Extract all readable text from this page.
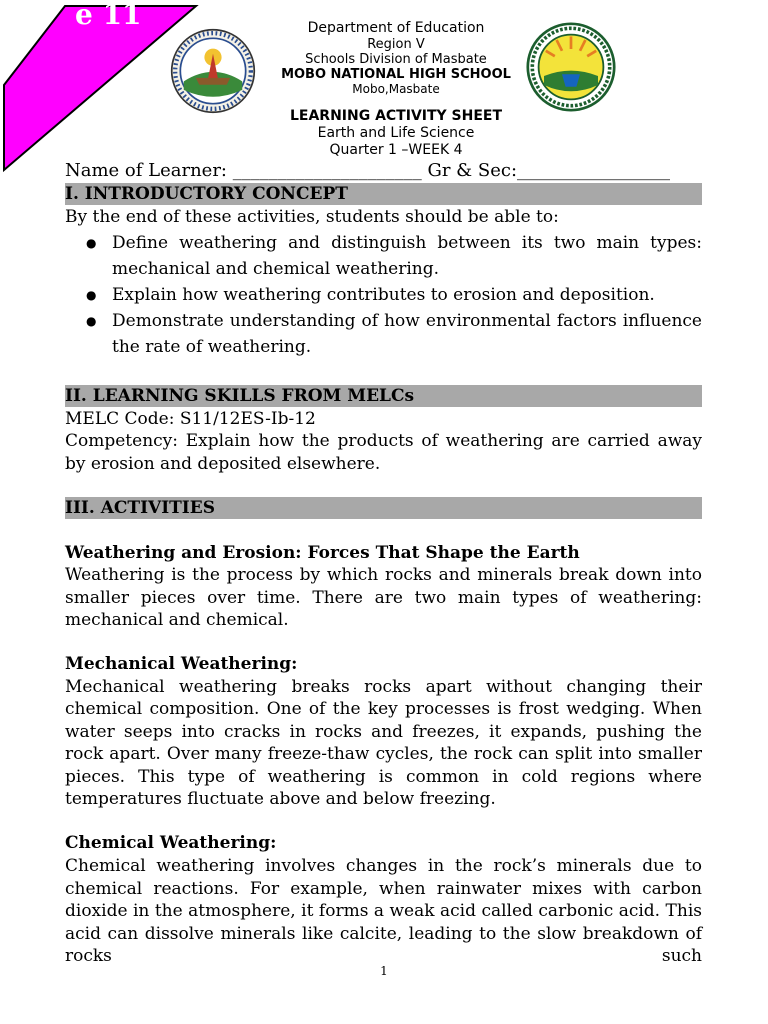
e 11	Department of Education
Region V
Schools Division of Masbate
MOBO NATIONAL HIGH SCHOOL
Mobo,Masbate
LEARNING ACTIVITY SHEET
Earth and Life Science
Quarter 1 –WEEK 4
Name of Learner: _____________________ Gr & Sec:_________________
I. INTRODUCTORY CONCEPT
By the end of these activities, students should be able to:
● Define weathering and distinguish between its two main types: mechanical and chemical weathering.
● Explain how weathering contributes to erosion and deposition.
● Demonstrate understanding of how environmental factors influence the rate of weathering.
II. LEARNING SKILLS FROM MELCs
MELC Code: S11/12ES-Ib-12
Competency: Explain how the products of weathering are carried away by erosion and deposited elsewhere.
III. ACTIVITIES
Weathering and Erosion: Forces That Shape the Earth
Weathering is the process by which rocks and minerals break down into smaller pieces over time. There are two main types of weathering: mechanical and chemical.
Mechanical Weathering:
Mechanical weathering breaks rocks apart without changing their chemical composition. One of the key processes is frost wedging. When water seeps into cracks in rocks and freezes, it expands, pushing the rock apart. Over many freeze-thaw cycles, the rock can split into smaller pieces. This type of weathering is common in cold regions where temperatures fluctuate above and below freezing.
Chemical Weathering:
Chemical weathering involves changes in the rock’s minerals due to chemical reactions. For example, when rainwater mixes with carbon dioxide in the atmosphere, it forms a weak acid called carbonic acid. This acid can dissolve minerals like calcite, leading to the slow breakdown of rocks such
1
